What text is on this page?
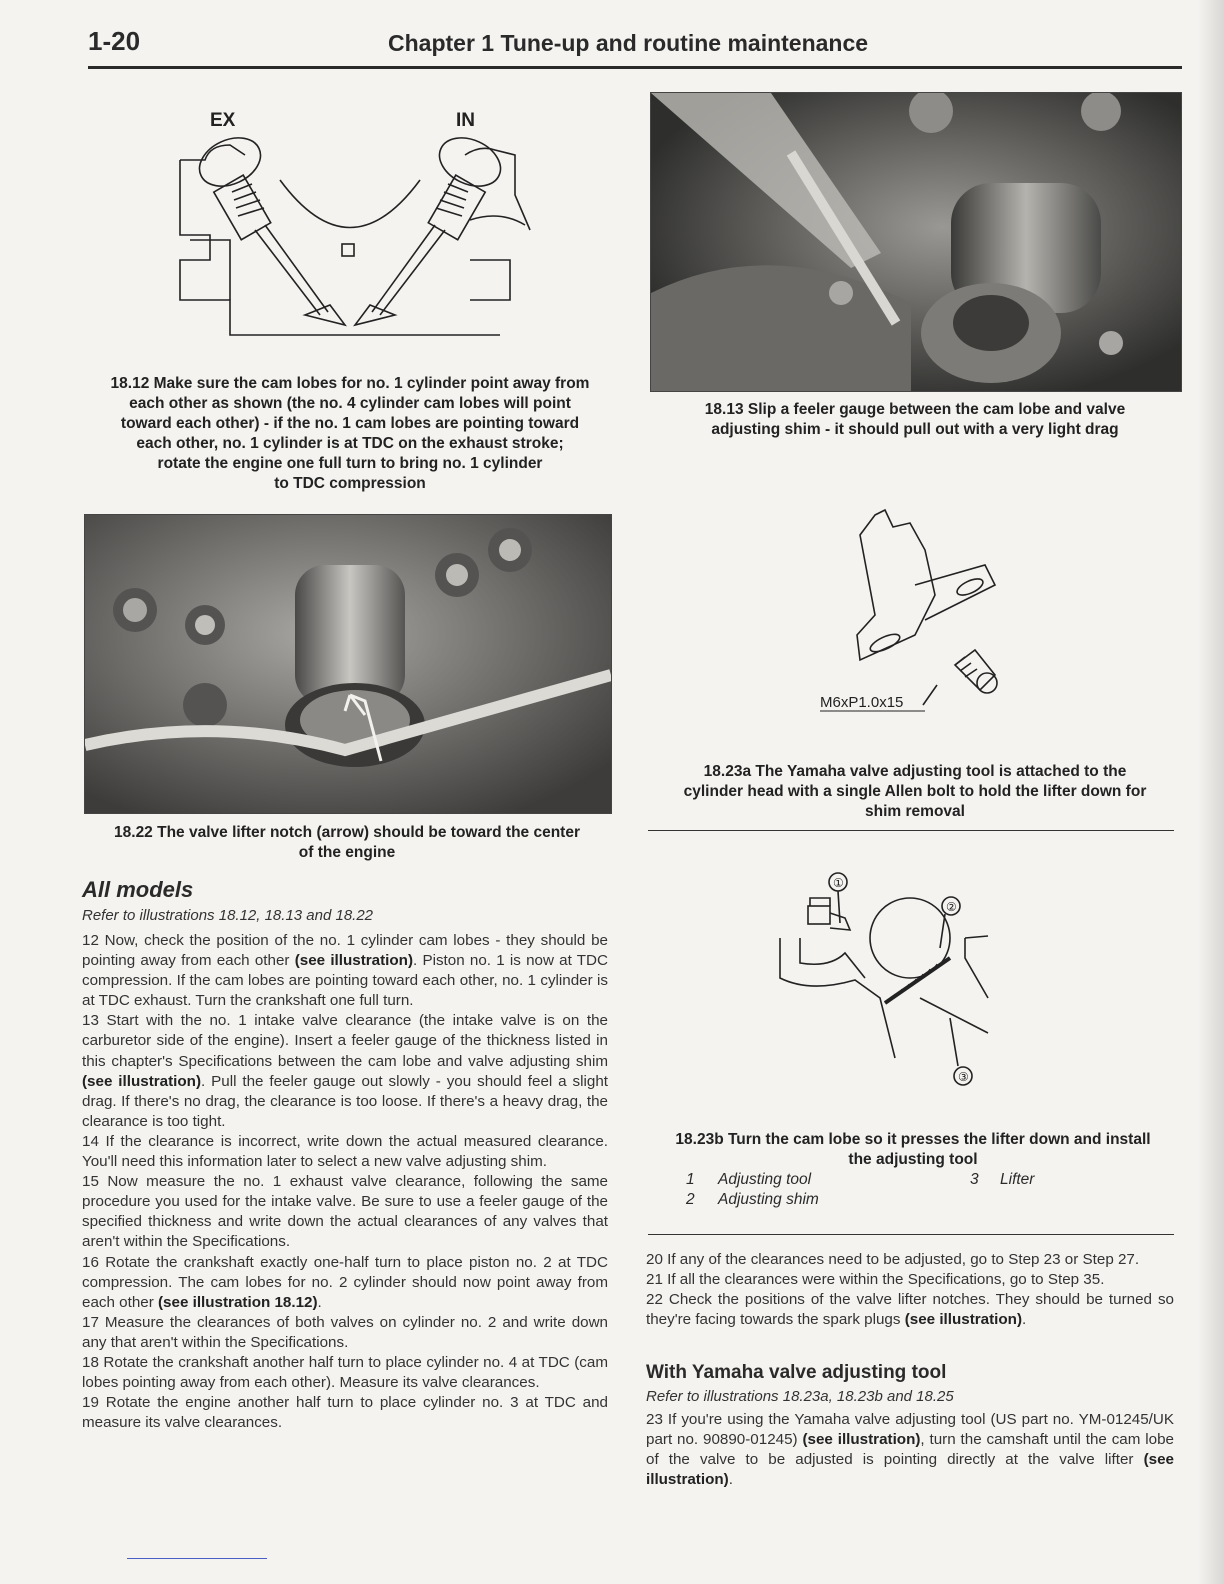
1-20	Chapter 1 Tune-up and routine maintenance
EX	IN
18.12 Make sure the cam lobes for no. 1 cylinder point away from
each other as shown (the no. 4 cylinder cam lobes will point
toward each other) - if the no. 1 cam lobes are pointing toward
each other, no. 1 cylinder is at TDC on the exhaust stroke;
rotate the engine one full turn to bring no. 1 cylinder
to TDC compression
18.13 Slip a feeler gauge between the cam lobe and valve
adjusting shim - it should pull out with a very light drag
18.22 The valve lifter notch (arrow) should be toward the center
of the engine
M6xP1.0x15
18.23a The Yamaha valve adjusting tool is attached to the
cylinder head with a single Allen bolt to hold the lifter down for
shim removal
①
②
③
18.23b Turn the cam lobe so it presses the lifter down and install
the adjusting tool
1 Adjusting tool
2 Adjusting shim
3 Lifter
All models
Refer to illustrations 18.12, 18.13 and 18.22

12 Now, check the position of the no. 1 cylinder cam lobes - they should be pointing away from each other (see illustration). Piston no. 1 is now at TDC compression. If the cam lobes are pointing toward each other, no. 1 cylinder is at TDC exhaust. Turn the crankshaft one full turn.

13 Start with the no. 1 intake valve clearance (the intake valve is on the carburetor side of the engine). Insert a feeler gauge of the thickness listed in this chapter's Specifications between the cam lobe and valve adjusting shim (see illustration). Pull the feeler gauge out slowly - you should feel a slight drag. If there's no drag, the clearance is too loose. If there's a heavy drag, the clearance is too tight.

14 If the clearance is incorrect, write down the actual measured clearance. You'll need this information later to select a new valve adjusting shim.

15 Now measure the no. 1 exhaust valve clearance, following the same procedure you used for the intake valve. Be sure to use a feeler gauge of the specified thickness and write down the actual clearances of any valves that aren't within the Specifications.

16 Rotate the crankshaft exactly one-half turn to place piston no. 2 at TDC compression. The cam lobes for no. 2 cylinder should now point away from each other (see illustration 18.12).

17 Measure the clearances of both valves on cylinder no. 2 and write down any that aren't within the Specifications.

18 Rotate the crankshaft another half turn to place cylinder no. 4 at TDC (cam lobes pointing away from each other). Measure its valve clearances.

19 Rotate the engine another half turn to place cylinder no. 3 at TDC and measure its valve clearances.

20 If any of the clearances need to be adjusted, go to Step 23 or Step 27.

21 If all the clearances were within the Specifications, go to Step 35.

22 Check the positions of the valve lifter notches. They should be turned so they're facing towards the spark plugs (see illustration).

With Yamaha valve adjusting tool
Refer to illustrations 18.23a, 18.23b and 18.25

23 If you're using the Yamaha valve adjusting tool (US part no. YM-01245/UK part no. 90890-01245) (see illustration), turn the camshaft until the cam lobe of the valve to be adjusted is pointing directly at the valve lifter (see illustration).
